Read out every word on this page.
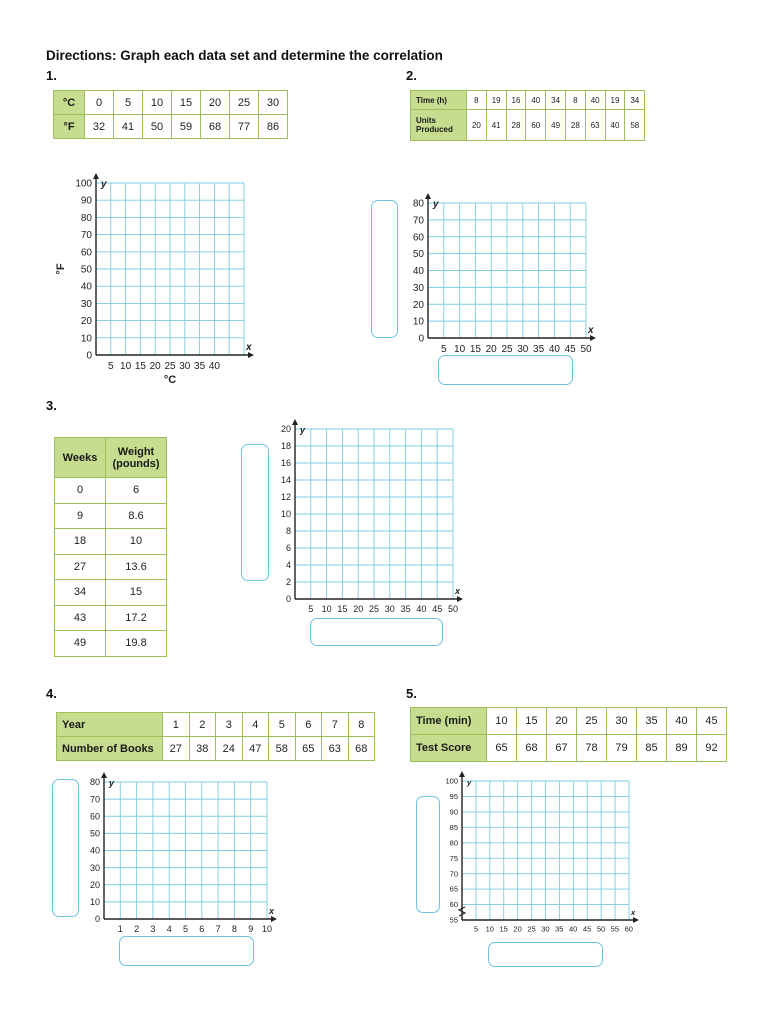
Directions: Graph each data set and determine the correlation
1.	2.
3.
4.	5.
°C	0	5	10	15	20	25	30
°F	32	41	50	59	68	77	86
Time (h)	8	19	16	40	34	8	40	19	34
Units Produced	20	41	28	60	49	28	63	40	58
Weeks	Weight (pounds)
0	6
9	8.6
18	10
27	13.6
34	15
43	17.2
49	19.8
Year	1	2	3	4	5	6	7	8
Number of Books	27	38	24	47	58	65	63	68
Time (min)	10	15	20	25	30	35	40	45
Test Score	65	68	67	78	79	85	89	92
100
90
80
70
60
50
40
30
20
10
0
5 10 15 20 25 30 35 40
x
y
°C
°F
80
70
60
50
40
30
20
10
0
5 10 15 20 25 30 35 40 45 50
x
y
20
18
16
14
12
10
8
6
4
2
0
5 10 15 20 25 30 35 40 45 50
x
y
80
70
60
50
40
30
20
10
0
1 2 3 4 5 6 7 8 9 10
x
y	100
95
90
85
80
75
70
65
60
55
5 10 15 20 25 30 35 40 45 50 55 60
x
y
